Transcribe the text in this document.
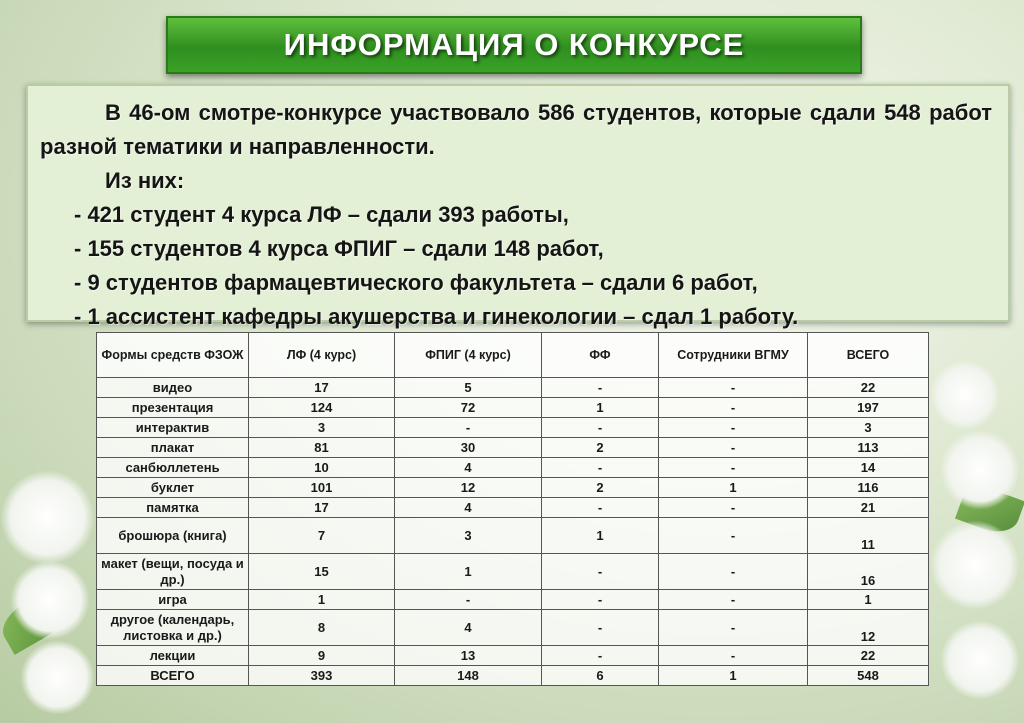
ИНФОРМАЦИЯ О КОНКУРСЕ

В 46-ом смотре-конкурсе участвовало 586 студентов, которые сдали 548 работ разной тематики и направленности.

Из них:

- 421 студент 4 курса ЛФ – сдали 393 работы,

- 155 студентов 4 курса ФПИГ – сдали 148 работ,

- 9 студентов фармацевтического факультета – сдали 6 работ,

- 1 ассистент кафедры акушерства и гинекологии – сдал 1 работу.

Формы средств ФЗОЖ	ЛФ (4 курс)	ФПИГ (4 курс)	ФФ	Сотрудники ВГМУ	ВСЕГО
видео	17	5	-	-	22
презентация	124	72	1	-	197
интерактив	3	-	-	-	3
плакат	81	30	2	-	113
санбюллетень	10	4	-	-	14
буклет	101	12	2	1	116
памятка	17	4	-	-	21
брошюра (книга)	7	3	1	-	11
макет (вещи, посуда и др.)	15	1	-	-	16
игра	1	-	-	-	1
другое (календарь, листовка и др.)	8	4	-	-	12
лекции	9	13	-	-	22
ВСЕГО	393	148	6	1	548
